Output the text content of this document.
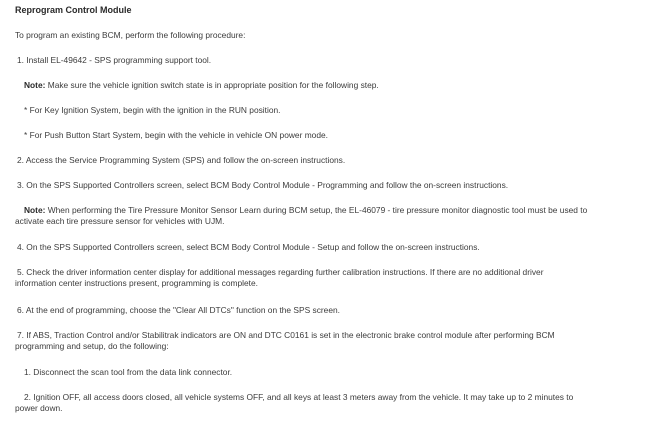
Reprogram Control Module

To program an existing BCM, perform the following procedure:

1. Install EL-49642 - SPS programming support tool.

Note: Make sure the vehicle ignition switch state is in appropriate position for the following step.

* For Key Ignition System, begin with the ignition in the RUN position.

* For Push Button Start System, begin with the vehicle in vehicle ON power mode.

2. Access the Service Programming System (SPS) and follow the on-screen instructions.

3. On the SPS Supported Controllers screen, select BCM Body Control Module - Programming and follow the on-screen instructions.

Note: When performing the Tire Pressure Monitor Sensor Learn during BCM setup, the EL-46079 - tire pressure monitor diagnostic tool must be used to

activate each tire pressure sensor for vehicles with UJM.

4. On the SPS Supported Controllers screen, select BCM Body Control Module - Setup and follow the on-screen instructions.

5. Check the driver information center display for additional messages regarding further calibration instructions. If there are no additional driver

information center instructions present, programming is complete.

6. At the end of programming, choose the "Clear All DTCs" function on the SPS screen.

7. If ABS, Traction Control and/or Stabilitrak indicators are ON and DTC C0161 is set in the electronic brake control module after performing BCM

programming and setup, do the following:

1. Disconnect the scan tool from the data link connector.

2. Ignition OFF, all access doors closed, all vehicle systems OFF, and all keys at least 3 meters away from the vehicle. It may take up to 2 minutes to

power down.
